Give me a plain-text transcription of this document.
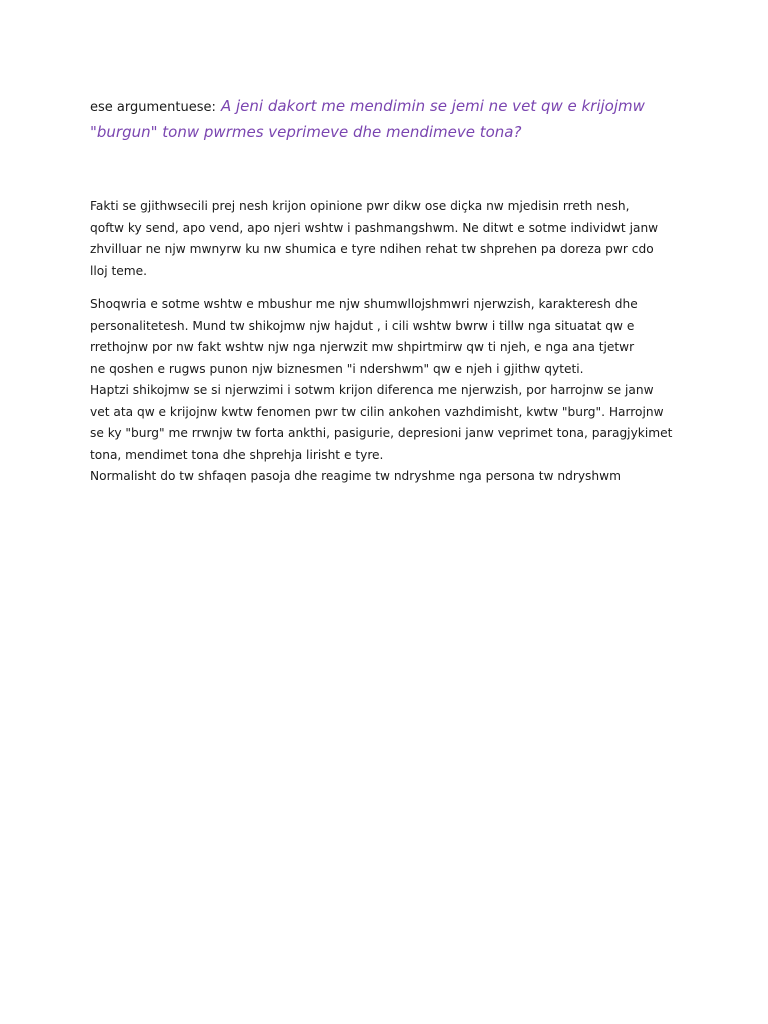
ese argumentuese: A jeni dakort me mendimin se jemi ne vet qw e krijojmw "burgun" tonw pwrmes veprimeve dhe mendimeve tona?

Fakti se gjithwsecili prej nesh krijon opinione pwr dikw ose diçka nw mjedisin rreth nesh,
qoftw ky send, apo vend, apo njeri wshtw i pashmangshwm. Ne ditwt e sotme individwt janw
zhvilluar ne njw mwnyrw ku nw shumica e tyre ndihen rehat tw shprehen pa doreza pwr cdo
lloj teme.
Shoqwria e sotme wshtw e mbushur me njw shumwllojshmwri njerwzish, karakteresh dhe
personalitetesh. Mund tw shikojmw njw hajdut , i cili wshtw bwrw i tillw nga situatat qw e
rrethojnw por nw fakt wshtw njw nga njerwzit mw shpirtmirw qw ti njeh, e nga ana tjetwr
ne qoshen e rugws punon njw biznesmen "i ndershwm" qw e njeh i gjithw qyteti.
Haptzi shikojmw se si njerwzimi i sotwm krijon diferenca me njerwzish, por harrojnw se janw
vet ata qw e krijojnw kwtw fenomen pwr tw cilin ankohen vazhdimisht, kwtw "burg". Harrojnw
se ky "burg" me rrwnjw tw forta ankthi, pasigurie, depresioni janw veprimet tona, paragjykimet
tona, mendimet tona dhe shprehja lirisht e tyre.
Normalisht do tw shfaqen pasoja dhe reagime tw ndryshme nga persona tw ndryshwm
